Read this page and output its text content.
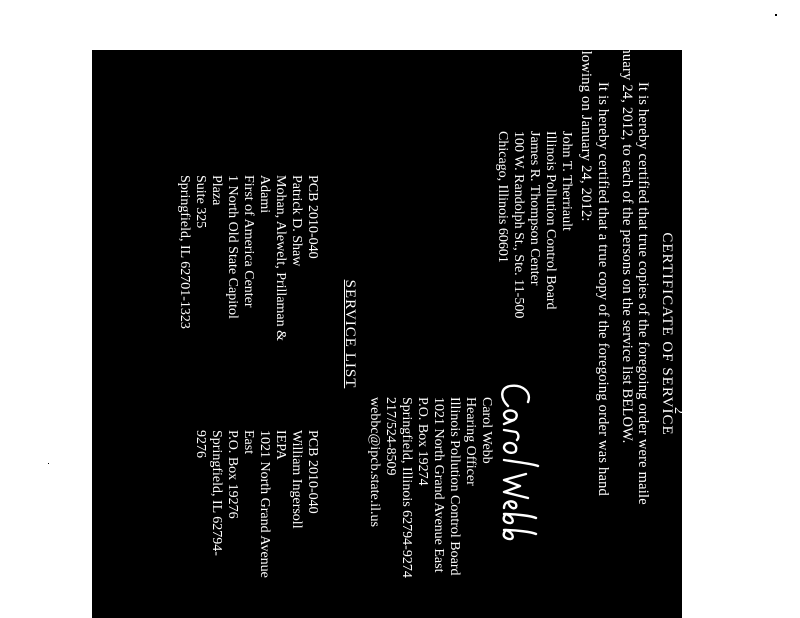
2
CERTIFICATE OF SERVICE
It is hereby certified that true copies of the foregoing order were maile
January 24, 2012, to each of the persons on the service list BELOW.
It is hereby certified that a true copy of the foregoing order was hand
following on January 24, 2012:
John T. Therriault
Illinois Pollution Control Board
James R. Thompson Center
100 W. Randolph St., Ste. 11-500
Chicago, Illinois 60601
Carol Webb
Hearing Officer
Illinois Pollution Control Board
1021 North Grand Avenue East
P.O. Box 19274
Springfield, Illinois 62794-9274
217/524-8509
webbc@ipcb.state.il.us
SERVICE LIST
PCB 2010-040
Patrick D. Shaw
Mohan, Alewelt, Prillaman &
Adami
First of America Center
1 North Old State Capitol
Plaza
Suite 325
Springfield, IL 62701-1323
PCB 2010-040
William Ingersoll
IEPA
1021 North Grand Avenue
East
P.O. Box 19276
Springfield, IL 62794-
9276
